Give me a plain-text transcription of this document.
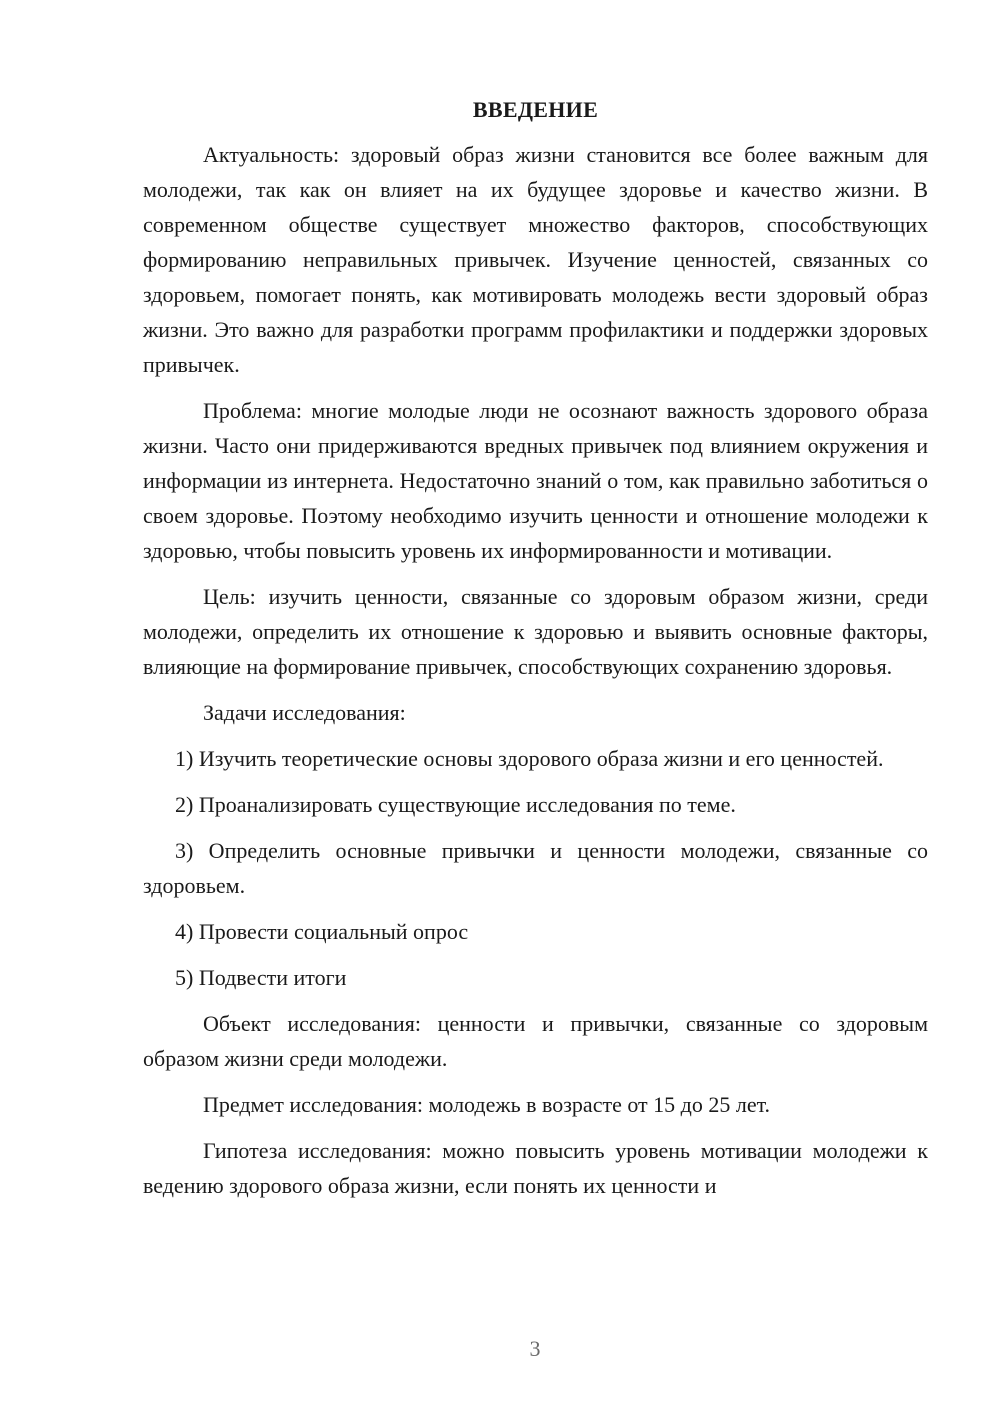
ВВЕДЕНИЕ

Актуальность: здоровый образ жизни становится все более важным для молодежи, так как он влияет на их будущее здоровье и качество жизни. В современном обществе существует множество факторов, способствующих формированию неправильных привычек. Изучение ценностей, связанных со здоровьем, помогает понять, как мотивировать молодежь вести здоровый образ жизни. Это важно для разработки программ профилактики и поддержки здоровых привычек.

Проблема: многие молодые люди не осознают важность здорового образа жизни. Часто они придерживаются вредных привычек под влиянием окружения и информации из интернета. Недостаточно знаний о том, как правильно заботиться о своем здоровье. Поэтому необходимо изучить ценности и отношение молодежи к здоровью, чтобы повысить уровень их информированности и мотивации.

Цель: изучить ценности, связанные со здоровым образом жизни, среди молодежи, определить их отношение к здоровью и выявить основные факторы, влияющие на формирование привычек, способствующих сохранению здоровья.

Задачи исследования:

1) Изучить теоретические основы здорового образа жизни и его ценностей.

2) Проанализировать существующие исследования по теме.

3) Определить основные привычки и ценности молодежи, связанные со здоровьем.

4) Провести социальный опрос

5) Подвести итоги

Объект исследования: ценности и привычки, связанные со здоровым образом жизни среди молодежи.

Предмет исследования: молодежь в возрасте от 15 до 25 лет.

Гипотеза исследования: можно повысить уровень мотивации молодежи к ведению здорового образа жизни, если понять их ценности и

3
